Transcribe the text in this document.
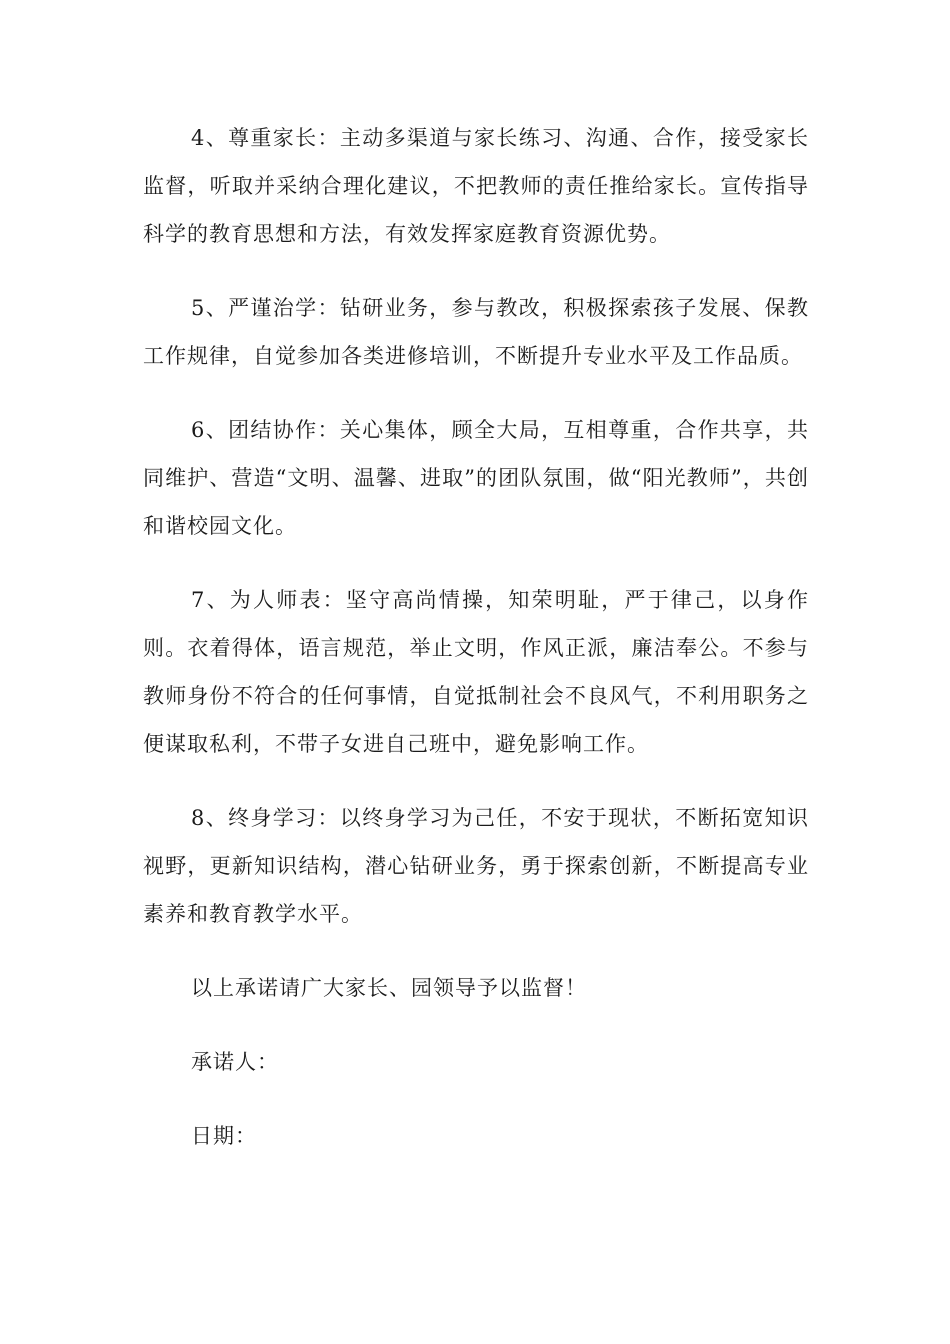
4、尊重家长：主动多渠道与家长练习、沟通、合作，接受家长监督，听取并采纳合理化建议，不把教师的责任推给家长。宣传指导科学的教育思想和方法，有效发挥家庭教育资源优势。

5、严谨治学：钻研业务，参与教改，积极探索孩子发展、保教工作规律，自觉参加各类进修培训，不断提升专业水平及工作品质。

6、团结协作：关心集体，顾全大局，互相尊重，合作共享，共同维护、营造“文明、温馨、进取”的团队氛围，做“阳光教师”，共创和谐校园文化。

7、为人师表：坚守高尚情操，知荣明耻，严于律己，以身作则。衣着得体，语言规范，举止文明，作风正派，廉洁奉公。不参与教师身份不符合的任何事情，自觉抵制社会不良风气，不利用职务之便谋取私利，不带子女进自己班中，避免影响工作。

8、终身学习：以终身学习为己任，不安于现状，不断拓宽知识视野，更新知识结构，潜心钻研业务，勇于探索创新，不断提高专业素养和教育教学水平。

以上承诺请广大家长、园领导予以监督！

承诺人：

日期：
